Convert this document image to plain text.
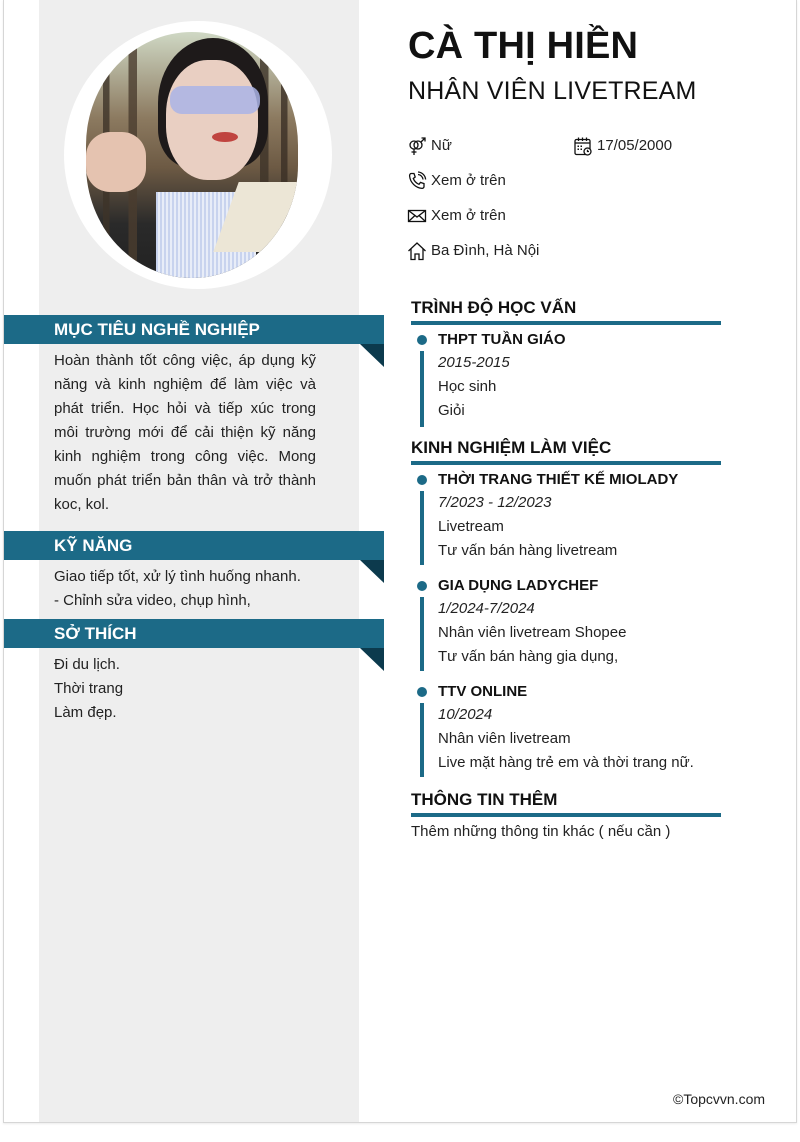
CÀ THỊ HIỀN
NHÂN VIÊN LIVETREAM
Nữ	17/05/2000
Xem ở trên
Xem ở trên
Ba Đình, Hà Nội
MỤC TIÊU NGHỀ NGHIỆP
Hoàn thành tốt công việc, áp dụng kỹ năng và kinh nghiệm để làm việc và phát triển. Học hỏi và tiếp xúc trong môi trường mới để cải thiện kỹ năng kinh nghiệm trong công việc. Mong muốn phát triển bản thân và trở thành koc, kol.
KỸ NĂNG
Giao tiếp tốt, xử lý tình huống nhanh.
- Chỉnh sửa video, chụp hình,
SỞ THÍCH
Đi du lịch.
Thời trang
Làm đẹp.
TRÌNH ĐỘ HỌC VẤN
THPT TUẦN GIÁO
2015-2015
Học sinh
Giỏi
KINH NGHIỆM LÀM VIỆC
THỜI TRANG THIẾT KẾ MIOLADY
7/2023 - 12/2023
Livetream
Tư vấn bán hàng livetream
GIA DỤNG LADYCHEF
1/2024-7/2024
Nhân viên livetream Shopee
Tư vấn bán hàng gia dụng,
TTV ONLINE
10/2024
Nhân viên livetream
Live mặt hàng trẻ em và thời trang nữ.
THÔNG TIN THÊM
Thêm những thông tin khác ( nếu cần )
©Topcvvn.com
